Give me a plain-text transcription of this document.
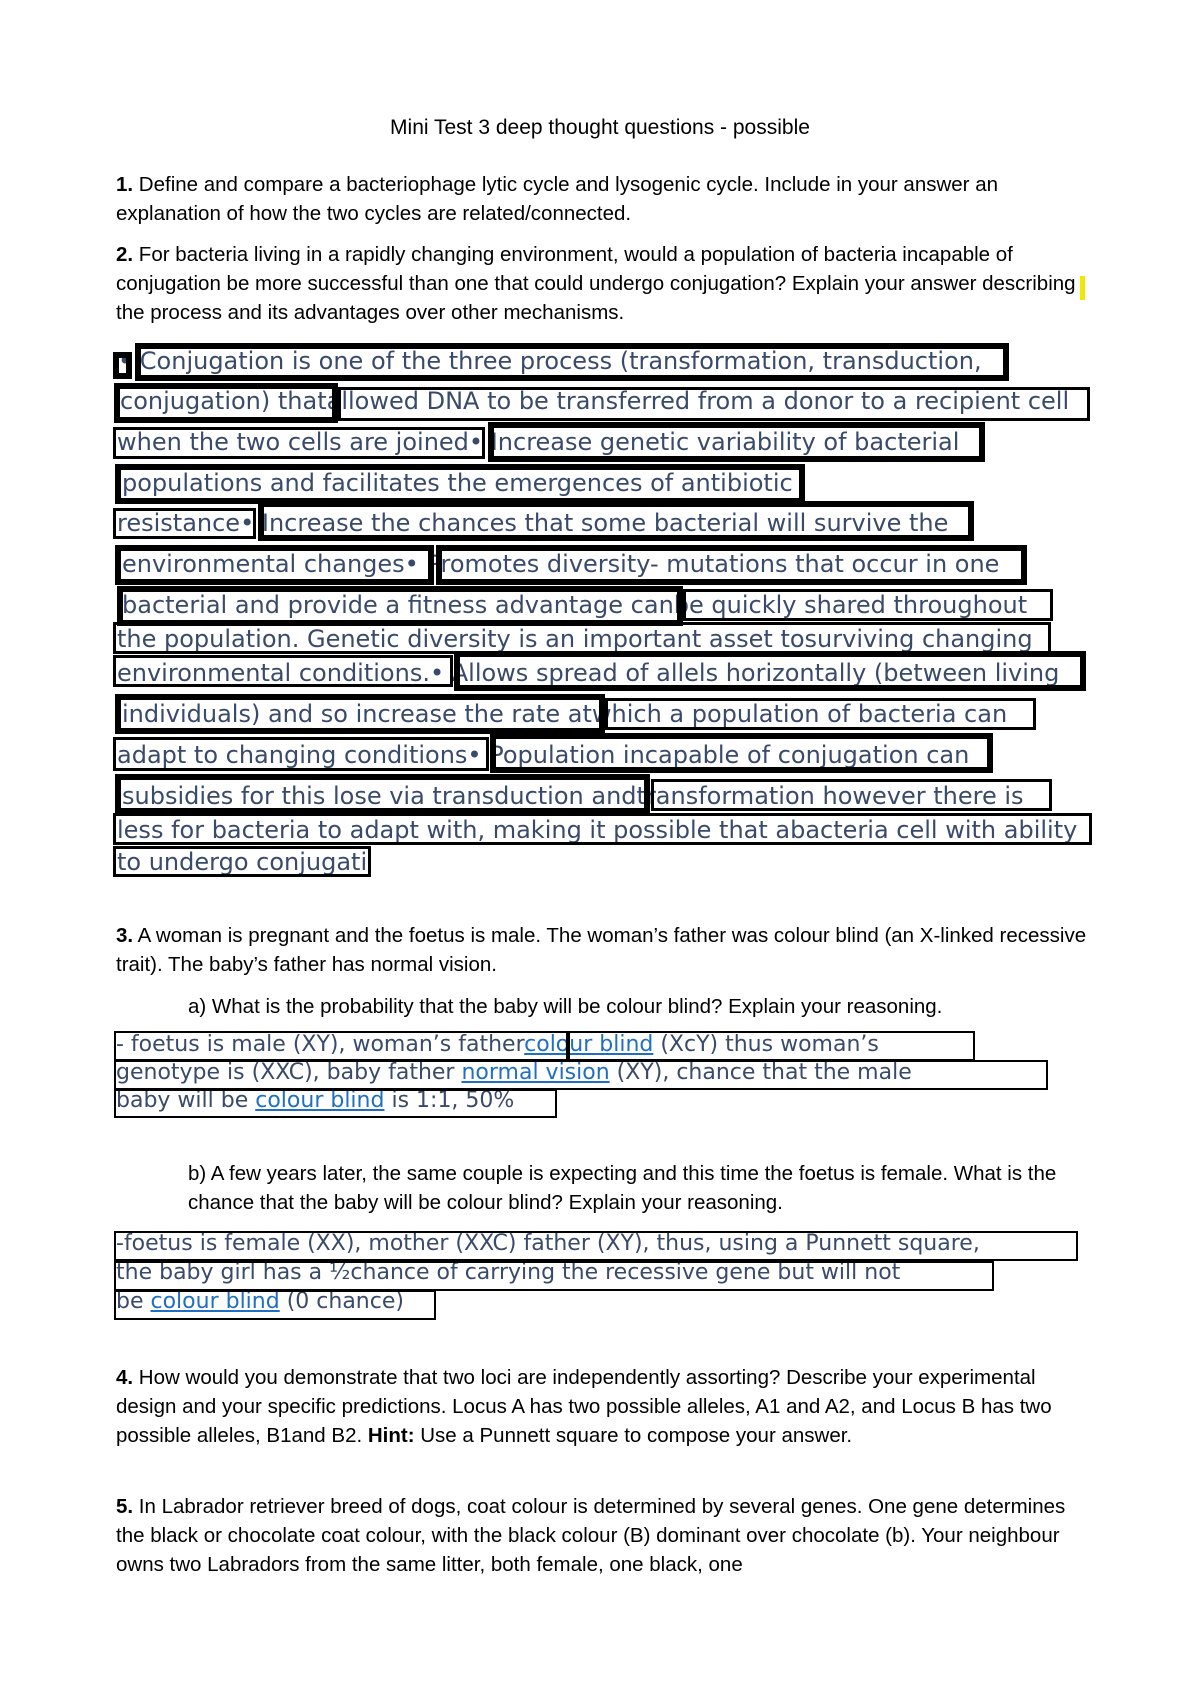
Mini Test 3 deep thought questions - possible

1. Define and compare a bacteriophage lytic cycle and lysogenic cycle. Include in your answer an explanation of how the two cycles are related/connected.

2. For bacteria living in a rapidly changing environment, would a population of bacteria incapable of conjugation be more successful than one that could undergo conjugation? Explain your answer describing the process and its advantages over other mechanisms.

• Conjugation is one of the three process (transformation, transduction,
conjugation) thatallowed DNA to be transferred from a donor to a recipient cell
when the two cells are joined• Increase genetic variability of bacterial
populations and facilitates the emergences of antibiotic
resistance• Increase the chances that some bacterial will survive the
environmental changes• Promotes diversity- mutations that occur in one
bacterial and provide a fitness advantage canbe quickly shared throughout
the population. Genetic diversity is an important asset tosurviving changing
environmental conditions.• Allows spread of allels horizontally (between living
individuals) and so increase the rate atwhich a population of bacteria can
adapt to changing conditions• Population incapable of conjugation can
subsidies for this lose via transduction andtransformation however there is
less for bacteria to adapt with, making it possible that abacteria cell with ability
to undergo conjugati

3. A woman is pregnant and the foetus is male. The woman’s father was colour blind (an X-linked recessive trait). The baby’s father has normal vision.

a) What is the probability that the baby will be colour blind? Explain your reasoning.

- foetus is male (XY), woman’s fathercolour blind (XcY) thus woman’s
genotype is (XXC), baby father normal vision (XY), chance that the male
baby will be colour blind is 1:1, 50%

b) A few years later, the same couple is expecting and this time the foetus is female. What is the chance that the baby will be colour blind? Explain your reasoning.

-foetus is female (XX), mother (XXC) father (XY), thus, using a Punnett square,
the baby girl has a ½chance of carrying the recessive gene but will not
be colour blind (0 chance)

4. How would you demonstrate that two loci are independently assorting? Describe your experimental design and your specific predictions. Locus A has two possible alleles, A1 and A2, and Locus B has two possible alleles, B1and B2. Hint: Use a Punnett square to compose your answer.

5. In Labrador retriever breed of dogs, coat colour is determined by several genes. One gene determines the black or chocolate coat colour, with the black colour (B) dominant over chocolate (b). Your neighbour owns two Labradors from the same litter, both female, one black, one
